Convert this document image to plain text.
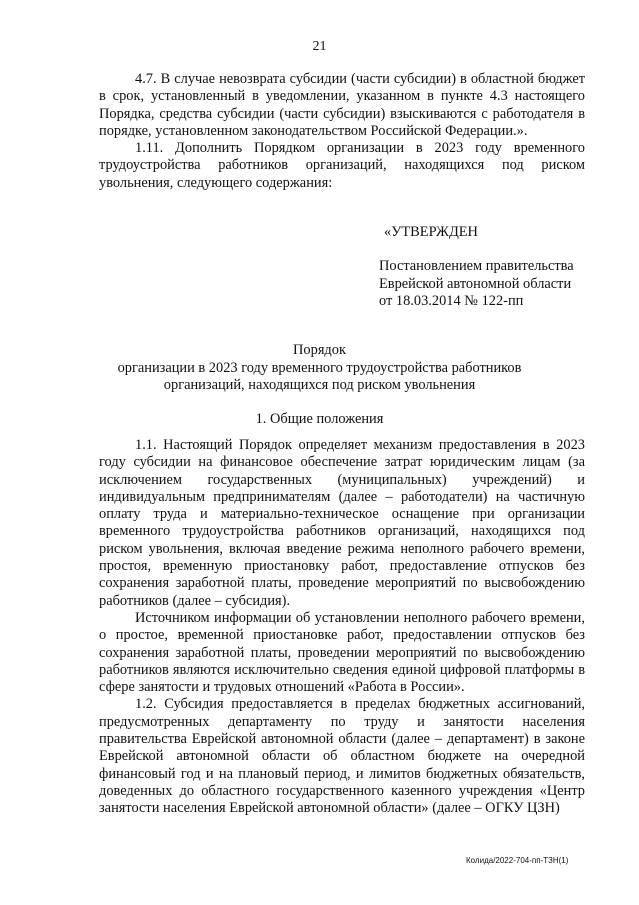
21

4.7. В случае невозврата субсидии (части субсидии) в областной бюджет в срок, установленный в уведомлении, указанном в пункте 4.3 настоящего Порядка, средства субсидии (части субсидии) взыскиваются с работодателя в порядке, установленном законодательством Российской Федерации.».

1.11. Дополнить Порядком организации в 2023 году временного трудоустройства работников организаций, находящихся под риском увольнения, следующего содержания:

«УТВЕРЖДЕН
Постановлением правительства
Еврейской автономной области
от 18.03.2014 № 122-пп
Порядок
организации в 2023 году временного трудоустройства работников
организаций, находящихся под риском увольнения
1. Общие положения

1.1. Настоящий Порядок определяет механизм предоставления в 2023 году субсидии на финансовое обеспечение затрат юридическим лицам (за исключением государственных (муниципальных) учреждений) и индивидуальным предпринимателям (далее – работодатели) на частичную оплату труда и материально-техническое оснащение при организации временного трудоустройства работников организаций, находящихся под риском увольнения, включая введение режима неполного рабочего времени, простоя, временную приостановку работ, предоставление отпусков без сохранения заработной платы, проведение мероприятий по высвобождению работников (далее – субсидия).

Источником информации об установлении неполного рабочего времени, о простое, временной приостановке работ, предоставлении отпусков без сохранения заработной платы, проведении мероприятий по высвобождению работников являются исключительно сведения единой цифровой платформы в сфере занятости и трудовых отношений «Работа в России».

1.2. Субсидия предоставляется в пределах бюджетных ассигнований, предусмотренных департаменту по труду и занятости населения правительства Еврейской автономной области (далее – департамент) в законе Еврейской автономной области об областном бюджете на очередной финансовый год и на плановый период, и лимитов бюджетных обязательств, доведенных до областного государственного казенного учреждения «Центр занятости населения Еврейской автономной области» (далее – ОГКУ ЦЗН)

Колида/2022-704-пп-ТЗН(1)
